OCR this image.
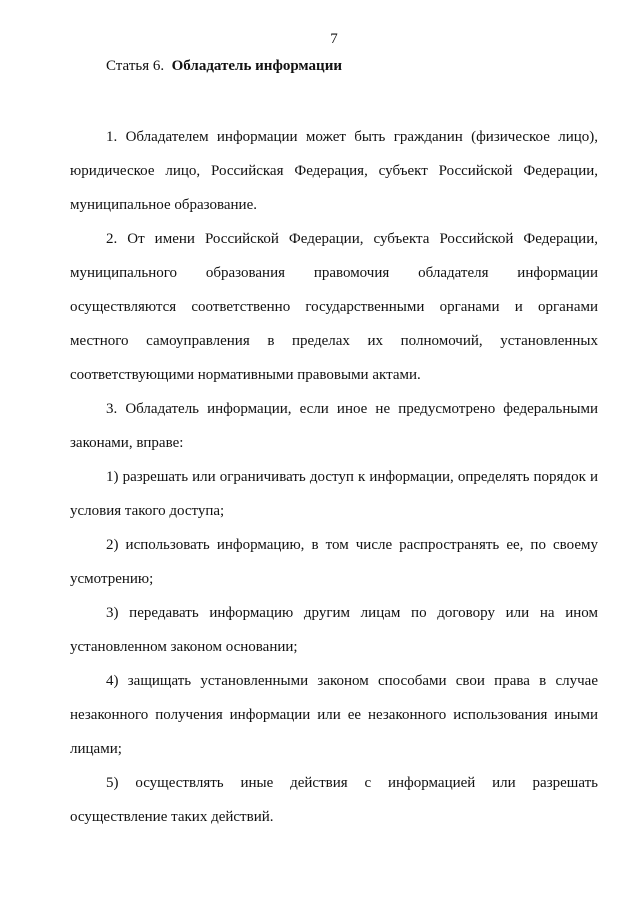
7
Статья 6. Обладатель информации

1. Обладателем информации может быть гражданин (физическое лицо), юридическое лицо, Российская Федерация, субъект Российской Федерации, муниципальное образование.

2. От имени Российской Федерации, субъекта Российской Федерации, муниципального образования правомочия обладателя информации осуществляются соответственно государственными органами и органами местного самоуправления в пределах их полномочий, установленных соответствующими нормативными правовыми актами.

3. Обладатель информации, если иное не предусмотрено федеральными законами, вправе:

1) разрешать или ограничивать доступ к информации, определять порядок и условия такого доступа;

2) использовать информацию, в том числе распространять ее, по своему усмотрению;

3) передавать информацию другим лицам по договору или на ином установленном законом основании;

4) защищать установленными законом способами свои права в случае незаконного получения информации или ее незаконного использования иными лицами;

5) осуществлять иные действия с информацией или разрешать осуществление таких действий.
